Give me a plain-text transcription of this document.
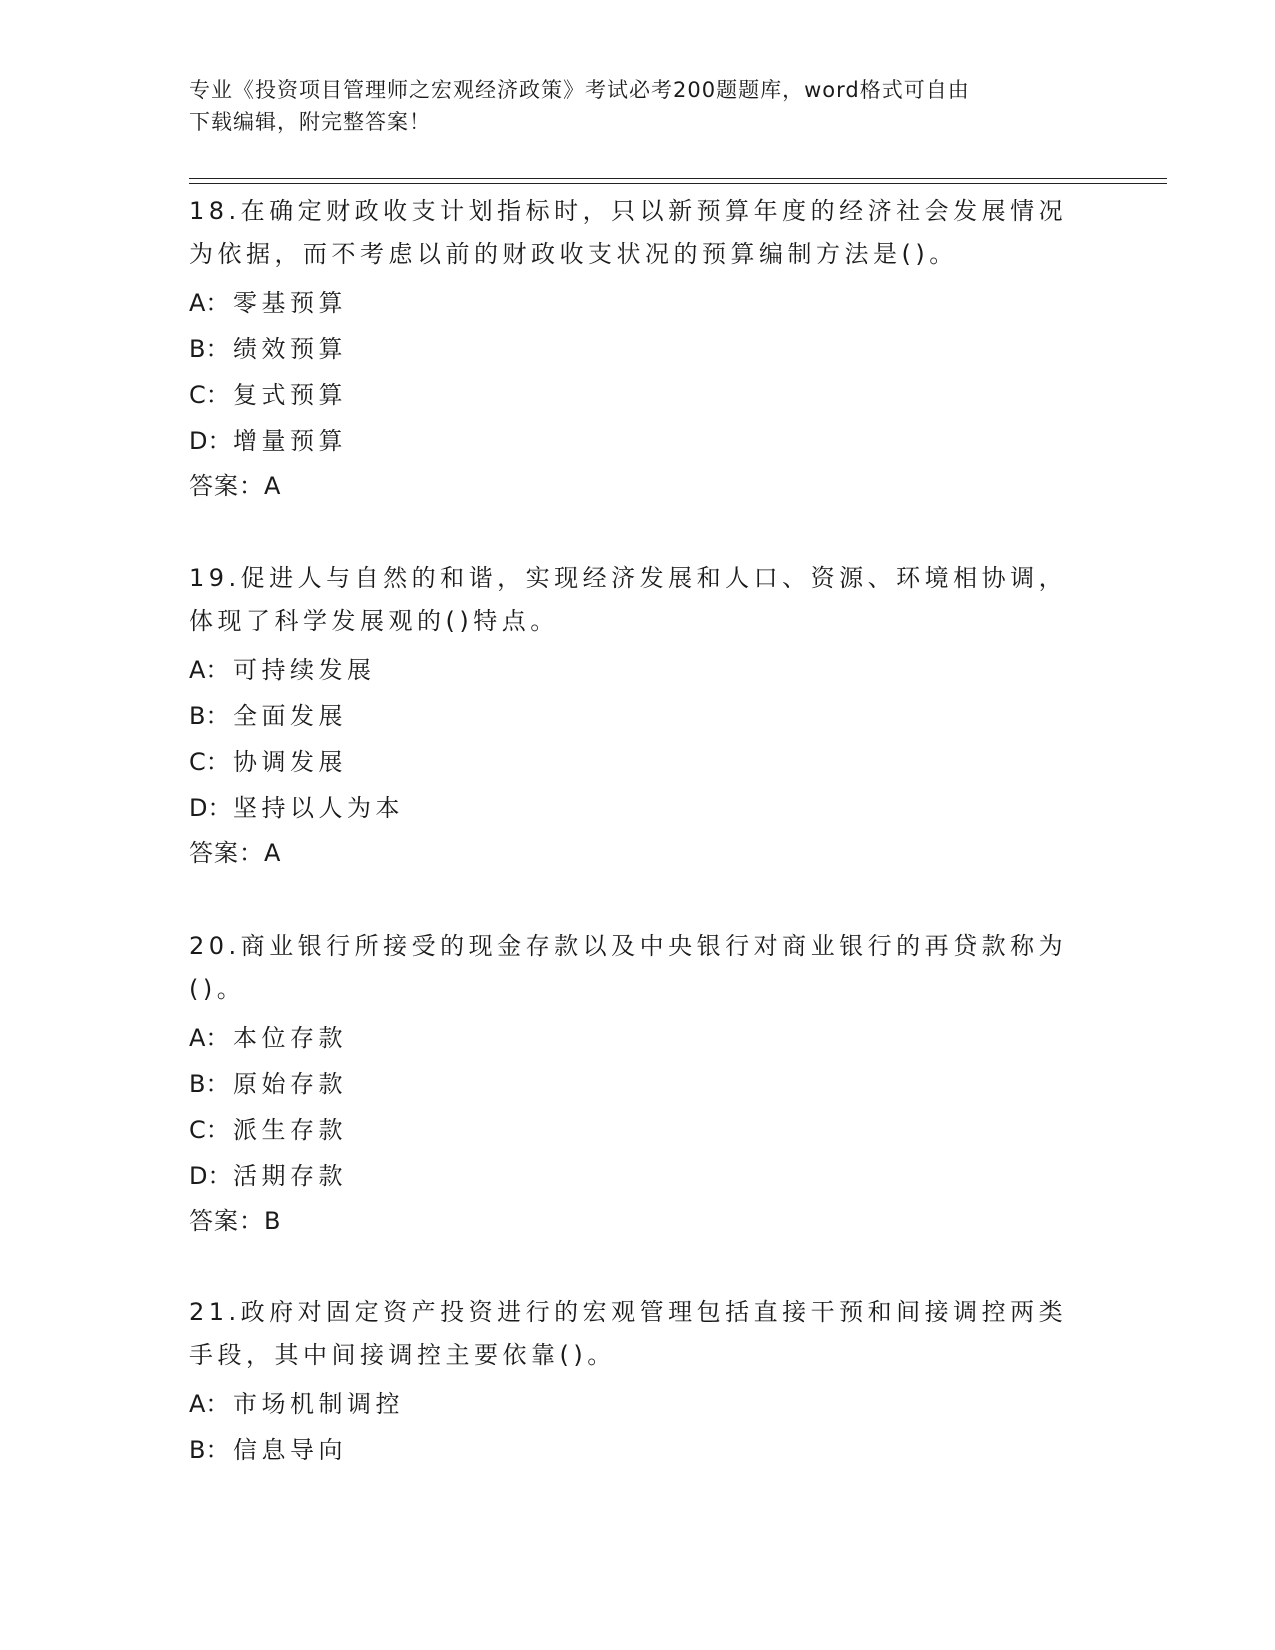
专业《投资项目管理师之宏观经济政策》考试必考200题题库，word格式可自由
下载编辑，附完整答案！

18.在确定财政收支计划指标时，只以新预算年度的经济社会发展情况
为依据，而不考虑以前的财政收支状况的预算编制方法是()。

A： 零基预算
B： 绩效预算
C： 复式预算
D：增量预算
答案：A

19.促进人与自然的和谐，实现经济发展和人口、资源、环境相协调，
体现了科学发展观的()特点。

A： 可持续发展
B： 全面发展
C： 协调发展
D：坚持以人为本
答案：A

20.商业银行所接受的现金存款以及中央银行对商业银行的再贷款称为
()。

A： 本位存款
B： 原始存款
C： 派生存款
D：活期存款
答案：B

21.政府对固定资产投资进行的宏观管理包括直接干预和间接调控两类
手段，其中间接调控主要依靠()。

A： 市场机制调控
B： 信息导向
